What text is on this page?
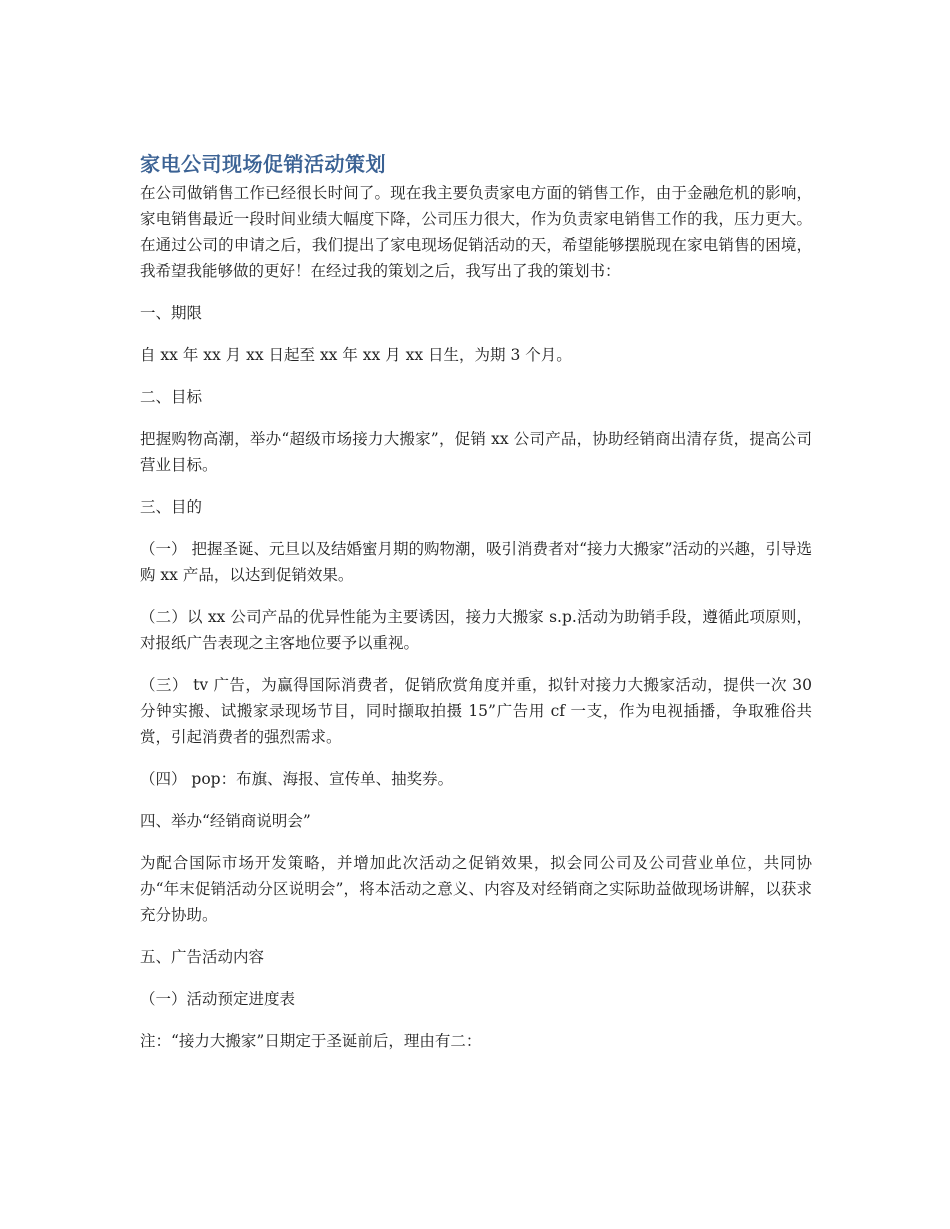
家电公司现场促销活动策划

在公司做销售工作已经很长时间了。现在我主要负责家电方面的销售工作，由于金融危机的影响，家电销售最近一段时间业绩大幅度下降，公司压力很大，作为负责家电销售工作的我，压力更大。在通过公司的申请之后，我们提出了家电现场促销活动的天，希望能够摆脱现在家电销售的困境，我希望我能够做的更好！在经过我的策划之后，我写出了我的策划书：

一、期限

自 xx 年 xx 月 xx 日起至 xx 年 xx 月 xx 日生，为期 3 个月。

二、目标

把握购物高潮，举办“超级市场接力大搬家”，促销 xx 公司产品，协助经销商出清存货，提高公司营业目标。

三、目的

（一） 把握圣诞、元旦以及结婚蜜月期的购物潮，吸引消费者对“接力大搬家”活动的兴趣，引导选购 xx 产品，以达到促销效果。

（二）以 xx 公司产品的优异性能为主要诱因，接力大搬家 s.p.活动为助销手段，遵循此项原则，对报纸广告表现之主客地位要予以重视。

（三） tv 广告，为赢得国际消费者，促销欣赏角度并重，拟针对接力大搬家活动，提供一次 30 分钟实搬、试搬家录现场节目，同时撷取拍摄 15”广告用 cf 一支，作为电视插播，争取雅俗共赏，引起消费者的强烈需求。

（四） pop：布旗、海报、宣传单、抽奖券。

四、举办“经销商说明会”

为配合国际市场开发策略，并增加此次活动之促销效果，拟会同公司及公司营业单位，共同协办“年末促销活动分区说明会”，将本活动之意义、内容及对经销商之实际助益做现场讲解，以获求充分协助。

五、广告活动内容

（一）活动预定进度表

注：“接力大搬家”日期定于圣诞前后，理由有二：
